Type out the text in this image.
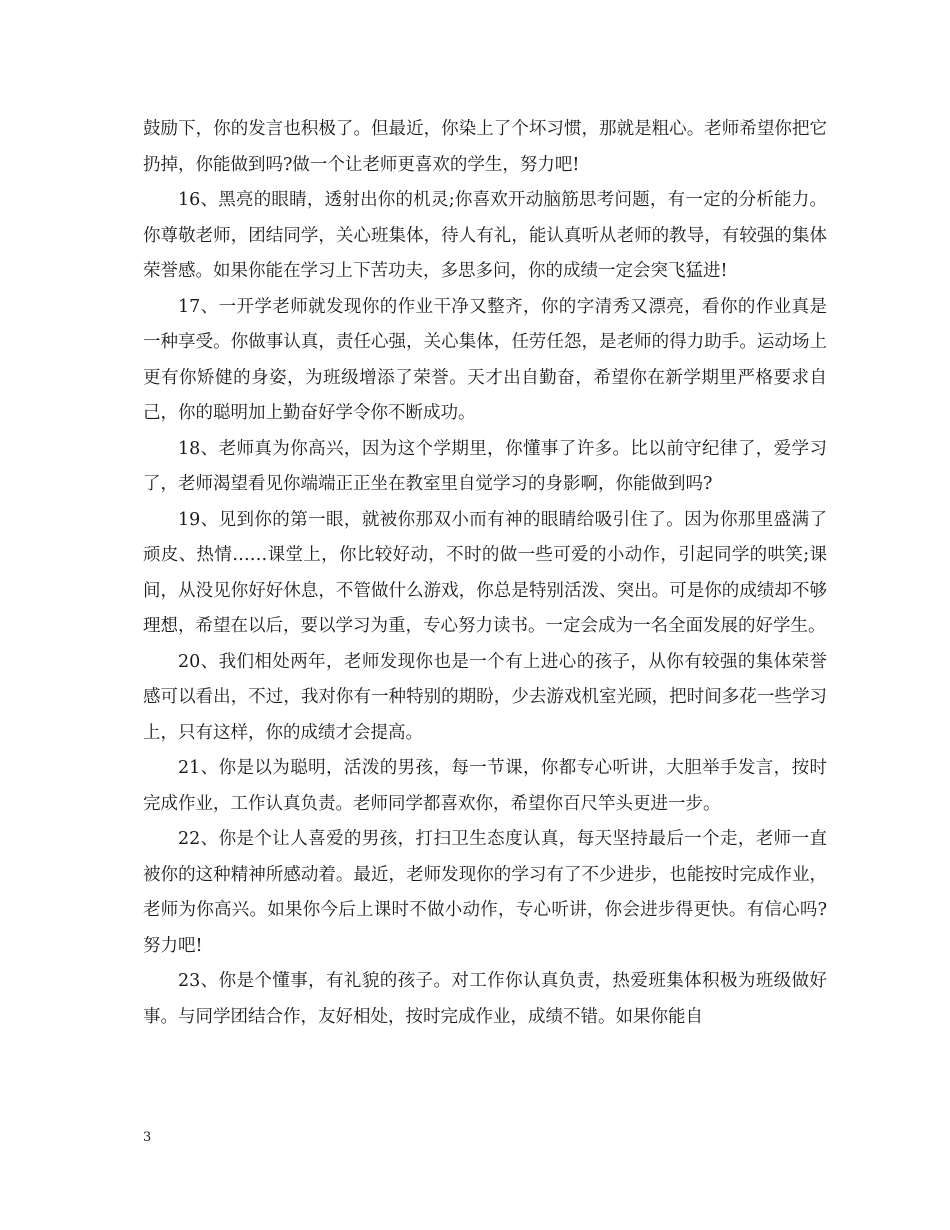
鼓励下，你的发言也积极了。但最近，你染上了个坏习惯，那就是粗心。老师希望你把它扔掉，你能做到吗?做一个让老师更喜欢的学生，努力吧!

16、黑亮的眼睛，透射出你的机灵;你喜欢开动脑筋思考问题，有一定的分析能力。你尊敬老师，团结同学，关心班集体，待人有礼，能认真听从老师的教导，有较强的集体荣誉感。如果你能在学习上下苦功夫，多思多问，你的成绩一定会突飞猛进!

17、一开学老师就发现你的作业干净又整齐，你的字清秀又漂亮，看你的作业真是一种享受。你做事认真，责任心强，关心集体，任劳任怨，是老师的得力助手。运动场上更有你矫健的身姿，为班级增添了荣誉。天才出自勤奋，希望你在新学期里严格要求自己，你的聪明加上勤奋好学令你不断成功。

18、老师真为你高兴，因为这个学期里，你懂事了许多。比以前守纪律了，爱学习了，老师渴望看见你端端正正坐在教室里自觉学习的身影啊，你能做到吗?

19、见到你的第一眼，就被你那双小而有神的眼睛给吸引住了。因为你那里盛满了顽皮、热情……课堂上，你比较好动，不时的做一些可爱的小动作，引起同学的哄笑;课间，从没见你好好休息，不管做什么游戏，你总是特别活泼、突出。可是你的成绩却不够理想，希望在以后，要以学习为重，专心努力读书。一定会成为一名全面发展的好学生。

20、我们相处两年，老师发现你也是一个有上进心的孩子，从你有较强的集体荣誉感可以看出，不过，我对你有一种特别的期盼，少去游戏机室光顾，把时间多花一些学习上，只有这样，你的成绩才会提高。

21、你是以为聪明，活泼的男孩，每一节课，你都专心听讲，大胆举手发言，按时完成作业，工作认真负责。老师同学都喜欢你，希望你百尺竿头更进一步。

22、你是个让人喜爱的男孩，打扫卫生态度认真，每天坚持最后一个走，老师一直被你的这种精神所感动着。最近，老师发现你的学习有了不少进步，也能按时完成作业，老师为你高兴。如果你今后上课时不做小动作，专心听讲，你会进步得更快。有信心吗?努力吧!

23、你是个懂事，有礼貌的孩子。对工作你认真负责，热爱班集体积极为班级做好事。与同学团结合作，友好相处，按时完成作业，成绩不错。如果你能自

3
